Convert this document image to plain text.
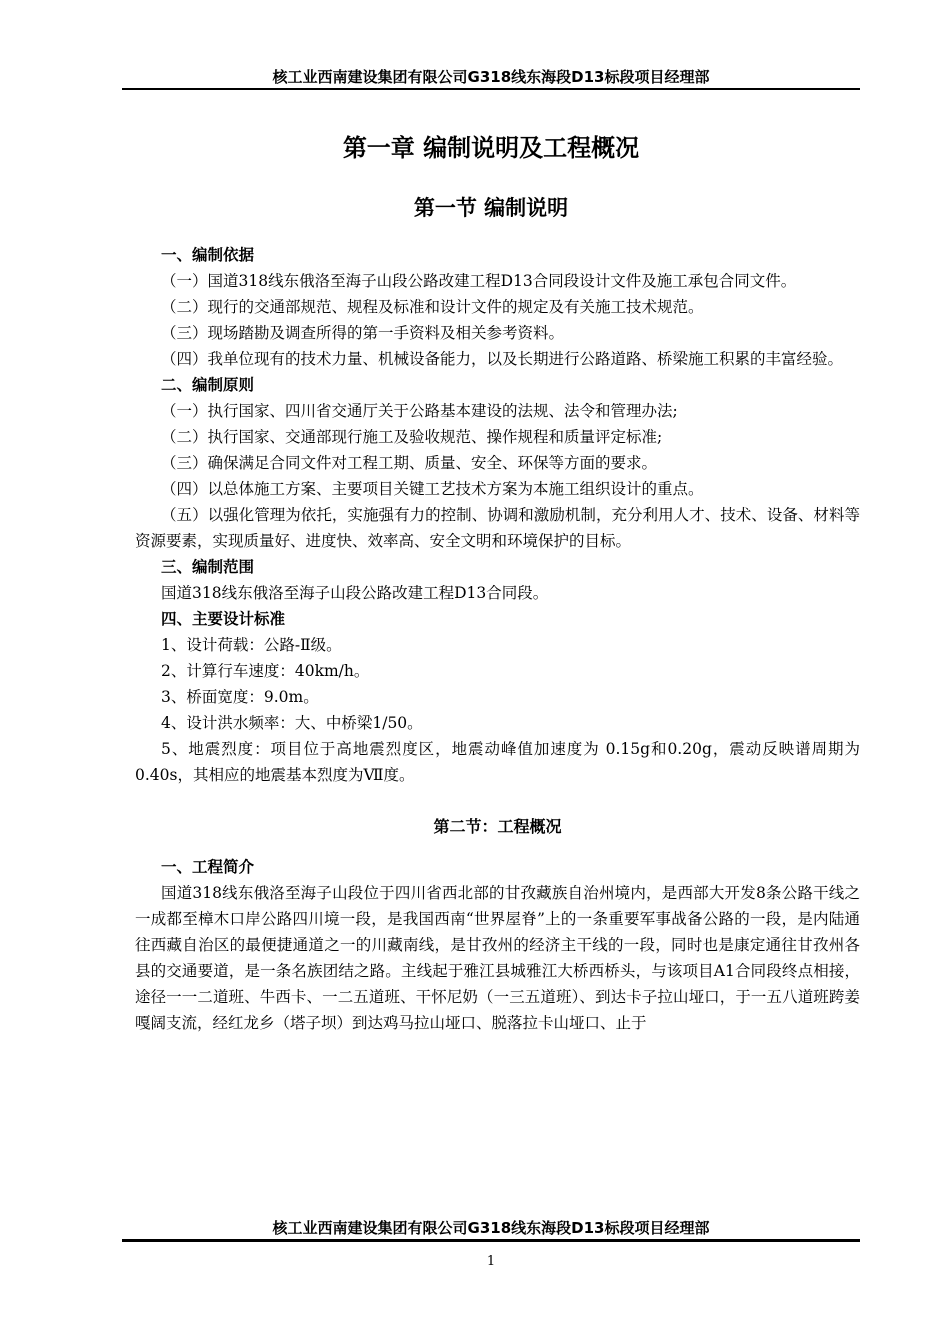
核工业西南建设集团有限公司G318线东海段D13标段项目经理部
第一章 编制说明及工程概况
第一节 编制说明

一、编制依据

（一）国道318线东俄洛至海子山段公路改建工程D13合同段设计文件及施工承包合同文件。

（二）现行的交通部规范、规程及标准和设计文件的规定及有关施工技术规范。

（三）现场踏勘及调查所得的第一手资料及相关参考资料。

（四）我单位现有的技术力量、机械设备能力，以及长期进行公路道路、桥梁施工积累的丰富经验。

二、编制原则

（一）执行国家、四川省交通厅关于公路基本建设的法规、法令和管理办法;

（二）执行国家、交通部现行施工及验收规范、操作规程和质量评定标准;

（三）确保满足合同文件对工程工期、质量、安全、环保等方面的要求。

（四）以总体施工方案、主要项目关键工艺技术方案为本施工组织设计的重点。

（五）以强化管理为依托，实施强有力的控制、协调和激励机制，充分利用人才、技术、设备、材料等资源要素，实现质量好、进度快、效率高、安全文明和环境保护的目标。

三、编制范围

国道318线东俄洛至海子山段公路改建工程D13合同段。

四、主要设计标准

1、设计荷载：公路-Ⅱ级。

2、计算行车速度：40km/h。

3、桥面宽度：9.0m。

4、设计洪水频率：大、中桥梁1/50。

5、地震烈度：项目位于高地震烈度区，地震动峰值加速度为 0.15g和0.20g，震动反映谱周期为0.40s，其相应的地震基本烈度为Ⅶ度。

第二节：工程概况

一、工程简介

国道318线东俄洛至海子山段位于四川省西北部的甘孜藏族自治州境内，是西部大开发8条公路干线之一成都至樟木口岸公路四川境一段，是我国西南“世界屋脊”上的一条重要军事战备公路的一段，是内陆通往西藏自治区的最便捷通道之一的川藏南线，是甘孜州的经济主干线的一段，同时也是康定通往甘孜州各县的交通要道，是一条名族团结之路。主线起于雅江县城雅江大桥西桥头，与该项目A1合同段终点相接，途径一一二道班、牛西卡、一二五道班、干怀尼奶（一三五道班）、到达卡子拉山垭口，于一五八道班跨姜嘎阔支流，经红龙乡（塔子坝）到达鸡马拉山垭口、脱落拉卡山垭口、止于

核工业西南建设集团有限公司G318线东海段D13标段项目经理部
1
